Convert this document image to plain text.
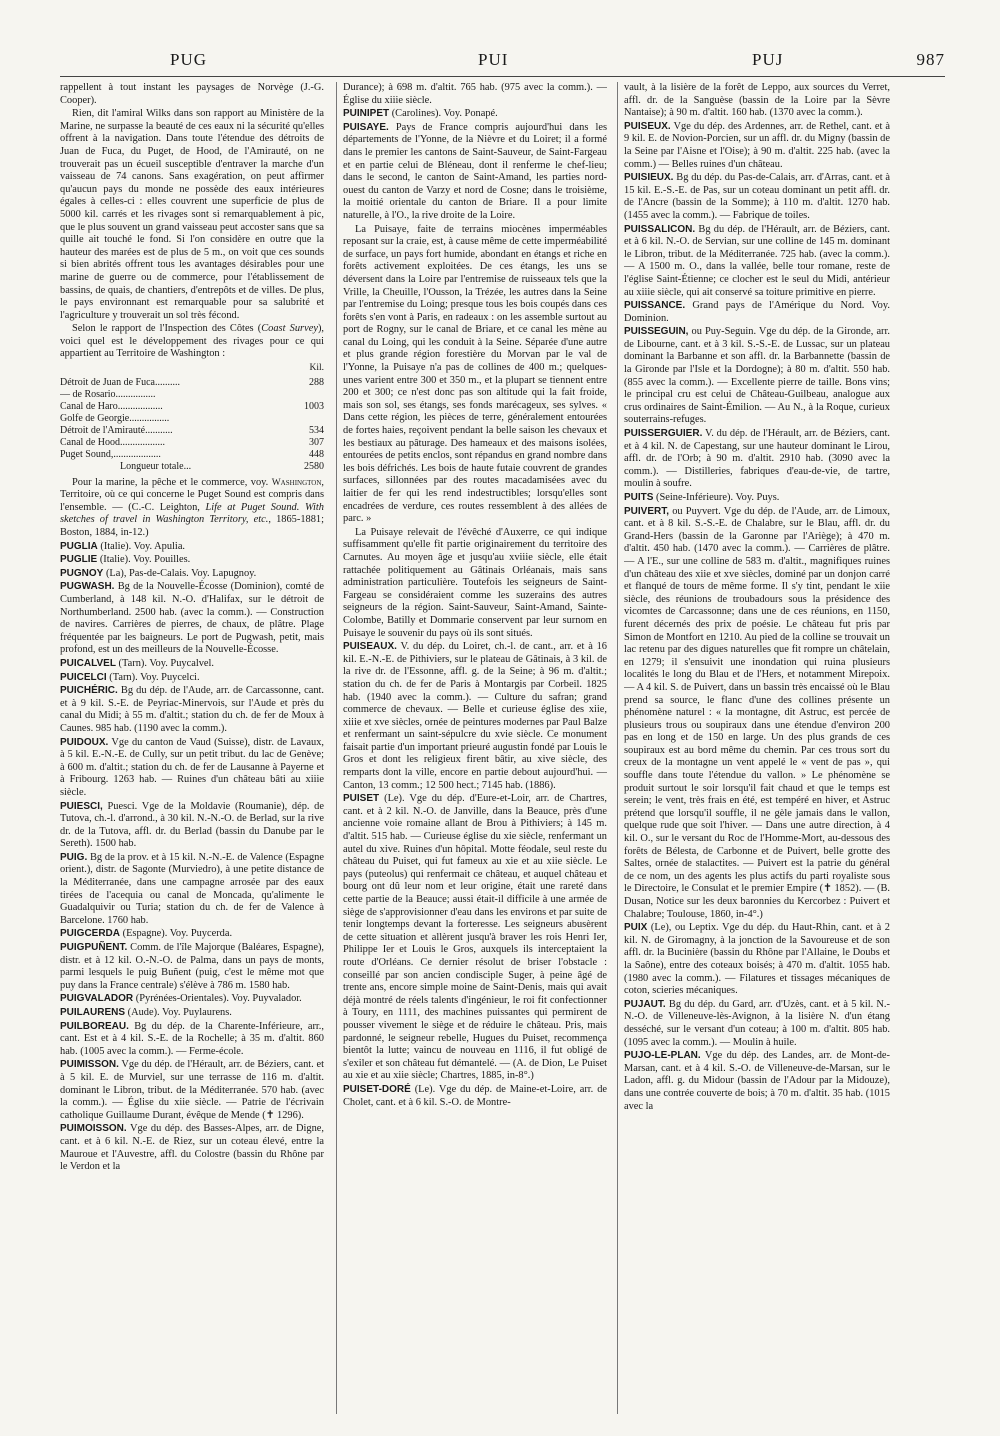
PUG	PUI	PUJ	987

rappellent à tout instant les paysages de Norvège (J.-G. Cooper).

Rien, dit l'amiral Wilks dans son rapport au Ministère de la Marine, ne surpasse la beauté de ces eaux ni la sécurité qu'elles offrent à la navigation. Dans toute l'étendue des détroits de Juan de Fuca, du Puget, de Hood, de l'Amirauté, on ne trouverait pas un écueil susceptible d'entraver la marche d'un vaisseau de 74 canons. Sans exagération, on peut affirmer qu'aucun pays du monde ne possède des eaux intérieures égales à celles-ci : elles couvrent une superficie de plus de 5000 kil. carrés et les rivages sont si remarquablement à pic, que le plus souvent un grand vaisseau peut accoster sans que sa quille ait touché le fond. Si l'on considère en outre que la hauteur des marées est de plus de 5 m., on voit que ces sounds si bien abrités offrent tous les avantages désirables pour une marine de guerre ou de commerce, pour l'établissement de bassins, de quais, de chantiers, d'entrepôts et de villes. De plus, le pays environnant est remarquable pour sa salubrité et l'agriculture y trouverait un sol très fécond.

Selon le rapport de l'Inspection des Côtes (Coast Survey), voici quel est le développement des rivages pour ce qui appartient au Territoire de Washington :

Kil.
Détroit de Juan de Fuca..........	288
— de Rosario................	
Canal de Haro..................	1003
Golfe de Georgie................	
Détroit de l'Amirauté...........	534
Canal de Hood..................	307
Puget Sound,...................	448
Longueur totale...	2580

Pour la marine, la pêche et le commerce, voy. Washington, Territoire, où ce qui concerne le Puget Sound est compris dans l'ensemble. — (C.-C. Leighton, Life at Puget Sound. With sketches of travel in Washington Territory, etc., 1865-1881; Boston, 1884, in-12.)

PUGLIA (Italie). Voy. Apulia.

PUGLIE (Italie). Voy. Pouilles.

PUGNOY (La), Pas-de-Calais. Voy. Lapugnoy.

PUGWASH. Bg de la Nouvelle-Écosse (Dominion), comté de Cumberland, à 148 kil. N.-O. d'Halifax, sur le détroit de Northumberland. 2500 hab. (avec la comm.). — Construction de navires. Carrières de pierres, de chaux, de plâtre. Plage fréquentée par les baigneurs. Le port de Pugwash, petit, mais profond, est un des meilleurs de la Nouvelle-Écosse.

PUICALVEL (Tarn). Voy. Puycalvel.

PUICELCI (Tarn). Voy. Puycelci.

PUICHÉRIC. Bg du dép. de l'Aude, arr. de Carcassonne, cant. et à 9 kil. S.-E. de Peyriac-Minervois, sur l'Aude et près du canal du Midi; à 55 m. d'altit.; station du ch. de fer de Moux à Caunes. 985 hab. (1190 avec la comm.).

PUIDOUX. Vge du canton de Vaud (Suisse), distr. de Lavaux, à 5 kil. E.-N.-E. de Cully, sur un petit tribut. du lac de Genève; à 600 m. d'altit.; station du ch. de fer de Lausanne à Payerne et à Fribourg. 1263 hab. — Ruines d'un château bâti au xiiie siècle.

PUIESCI, Puesci. Vge de la Moldavie (Roumanie), dép. de Tutova, ch.-l. d'arrond., à 30 kil. N.-N.-O. de Berlad, sur la rive dr. de la Tutova, affl. dr. du Berlad (bassin du Danube par le Sereth). 1500 hab.

PUIG. Bg de la prov. et à 15 kil. N.-N.-E. de Valence (Espagne orient.), distr. de Sagonte (Murviedro), à une petite distance de la Méditerranée, dans une campagne arrosée par des eaux tirées de l'acequia ou canal de Moncada, qu'alimente le Guadalquivir ou Turia; station du ch. de fer de Valence à Barcelone. 1760 hab.

PUIGCERDA (Espagne). Voy. Puycerda.

PUIGPUÑENT. Comm. de l'île Majorque (Baléares, Espagne), distr. et à 12 kil. O.-N.-O. de Palma, dans un pays de monts, parmi lesquels le puig Buñent (puig, c'est le même mot que puy dans la France centrale) s'élève à 786 m. 1580 hab.

PUIGVALADOR (Pyrénées-Orientales). Voy. Puyvalador.

PUILAURENS (Aude). Voy. Puylaurens.

PUILBOREAU. Bg du dép. de la Charente-Inférieure, arr., cant. Est et à 4 kil. S.-E. de la Rochelle; à 35 m. d'altit. 860 hab. (1005 avec la comm.). — Ferme-école.

PUIMISSON. Vge du dép. de l'Hérault, arr. de Béziers, cant. et à 5 kil. E. de Murviel, sur une terrasse de 116 m. d'altit. dominant le Libron, tribut. de la Méditerranée. 570 hab. (avec la comm.). — Église du xiie siècle. — Patrie de l'écrivain catholique Guillaume Durant, évêque de Mende (✝ 1296).

PUIMOISSON. Vge du dép. des Basses-Alpes, arr. de Digne, cant. et à 6 kil. N.-E. de Riez, sur un coteau élevé, entre la Mauroue et l'Auvestre, affl. du Colostre (bassin du Rhône par le Verdon et la

Durance); à 698 m. d'altit. 765 hab. (975 avec la comm.). — Église du xiiie siècle.

PUINIPET (Carolines). Voy. Ponapé.

PUISAYE. Pays de France compris aujourd'hui dans les départements de l'Yonne, de la Nièvre et du Loiret; il a formé dans le premier les cantons de Saint-Sauveur, de Saint-Fargeau et en partie celui de Bléneau, dont il renferme le chef-lieu; dans le second, le canton de Saint-Amand, les parties nord-ouest du canton de Varzy et nord de Cosne; dans le troisième, la moitié orientale du canton de Briare. Il a pour limite naturelle, à l'O., la rive droite de la Loire.

La Puisaye, faite de terrains miocènes imperméables reposant sur la craie, est, à cause même de cette imperméabilité de surface, un pays fort humide, abondant en étangs et riche en forêts activement exploitées. De ces étangs, les uns se déversent dans la Loire par l'entremise de ruisseaux tels que la Vrille, la Cheuille, l'Ousson, la Trézée, les autres dans la Seine par l'entremise du Loing; presque tous les bois coupés dans ces forêts s'en vont à Paris, en radeaux : on les assemble surtout au port de Rogny, sur le canal de Briare, et ce canal les mène au canal du Loing, qui les conduit à la Seine. Séparée d'une autre et plus grande région forestière du Morvan par le val de l'Yonne, la Puisaye n'a pas de collines de 400 m.; quelques-unes varient entre 300 et 350 m., et la plupart se tiennent entre 200 et 300; ce n'est donc pas son altitude qui la fait froide, mais son sol, ses étangs, ses fonds marécageux, ses sylves. « Dans cette région, les pièces de terre, généralement entourées de fortes haies, reçoivent pendant la belle saison les chevaux et les bestiaux au pâturage. Des hameaux et des maisons isolées, entourées de petits enclos, sont répandus en grand nombre dans les bois défrichés. Les bois de haute futaie couvrent de grandes surfaces, sillonnées par des routes macadamisées avec du laitier de fer qui les rend indestructibles; lorsqu'elles sont encadrées de verdure, ces routes ressemblent à des allées de parc. »

La Puisaye relevait de l'évêché d'Auxerre, ce qui indique suffisamment qu'elle fit partie originairement du territoire des Carnutes. Au moyen âge et jusqu'au xviiie siècle, elle était rattachée politiquement au Gâtinais Orléanais, mais sans administration particulière. Toutefois les seigneurs de Saint-Fargeau se considéraient comme les suzerains des autres seigneurs de la région. Saint-Sauveur, Saint-Amand, Sainte-Colombe, Batilly et Dommarie conservent par leur surnom en Puisaye le souvenir du pays où ils sont situés.

PUISEAUX. V. du dép. du Loiret, ch.-l. de cant., arr. et à 16 kil. E.-N.-E. de Pithiviers, sur le plateau de Gâtinais, à 3 kil. de la rive dr. de l'Essonne, affl. g. de la Seine; à 96 m. d'altit.; station du ch. de fer de Paris à Montargis par Corbeil. 1825 hab. (1940 avec la comm.). — Culture du safran; grand commerce de chevaux. — Belle et curieuse église des xiie, xiiie et xve siècles, ornée de peintures modernes par Paul Balze et renfermant un saint-sépulcre du xvie siècle. Ce monument faisait partie d'un important prieuré augustin fondé par Louis le Gros et dont les religieux firent bâtir, au xive siècle, des remparts dont la ville, encore en partie debout aujourd'hui. — Canton, 13 comm.; 12 500 hect.; 7145 hab. (1886).

PUISET (Le). Vge du dép. d'Eure-et-Loir, arr. de Chartres, cant. et à 2 kil. N.-O. de Janville, dans la Beauce, près d'une ancienne voie romaine allant de Brou à Pithiviers; à 145 m. d'altit. 515 hab. — Curieuse église du xie siècle, renfermant un autel du xive. Ruines d'un hôpital. Motte féodale, seul reste du château du Puiset, qui fut fameux au xie et au xiie siècle. Le pays (puteolus) qui renfermait ce château, et auquel château et bourg ont dû leur nom et leur origine, était une rareté dans cette partie de la Beauce; aussi était-il difficile à une armée de siège de s'approvisionner d'eau dans les environs et par suite de tenir longtemps devant la forteresse. Les seigneurs abusèrent de cette situation et allèrent jusqu'à braver les rois Henri Ier, Philippe Ier et Louis le Gros, auxquels ils interceptaient la route d'Orléans. Ce dernier résolut de briser l'obstacle : conseillé par son ancien condisciple Suger, à peine âgé de trente ans, encore simple moine de Saint-Denis, mais qui avait déjà montré de réels talents d'ingénieur, le roi fit confectionner à Toury, en 1111, des machines puissantes qui permirent de pousser vivement le siège et de réduire le château. Pris, mais pardonné, le seigneur rebelle, Hugues du Puiset, recommença bientôt la lutte; vaincu de nouveau en 1116, il fut obligé de s'exiler et son château fut démantelé. — (A. de Dion, Le Puiset au xie et au xiie siècle; Chartres, 1885, in-8°.)

PUISET-DORÉ (Le). Vge du dép. de Maine-et-Loire, arr. de Cholet, cant. et à 6 kil. S.-O. de Montre-

vault, à la lisière de la forêt de Leppo, aux sources du Verret, affl. dr. de la Sanguèse (bassin de la Loire par la Sèvre Nantaise); à 90 m. d'altit. 160 hab. (1370 avec la comm.).

PUISEUX. Vge du dép. des Ardennes, arr. de Rethel, cant. et à 9 kil. E. de Novion-Porcien, sur un affl. dr. du Migny (bassin de la Seine par l'Aisne et l'Oise); à 90 m. d'altit. 225 hab. (avec la comm.) — Belles ruines d'un château.

PUISIEUX. Bg du dép. du Pas-de-Calais, arr. d'Arras, cant. et à 15 kil. E.-S.-E. de Pas, sur un coteau dominant un petit affl. dr. de l'Ancre (bassin de la Somme); à 110 m. d'altit. 1270 hab. (1455 avec la comm.). — Fabrique de toiles.

PUISSALICON. Bg du dép. de l'Hérault, arr. de Béziers, cant. et à 6 kil. N.-O. de Servian, sur une colline de 145 m. dominant le Libron, tribut. de la Méditerranée. 725 hab. (avec la comm.). — A 1500 m. O., dans la vallée, belle tour romane, reste de l'église Saint-Étienne; ce clocher est le seul du Midi, antérieur au xiiie siècle, qui ait conservé sa toiture primitive en pierre.

PUISSANCE. Grand pays de l'Amérique du Nord. Voy. Dominion.

PUISSEGUIN, ou Puy-Seguin. Vge du dép. de la Gironde, arr. de Libourne, cant. et à 3 kil. S.-S.-E. de Lussac, sur un plateau dominant la Barbanne et son affl. dr. la Barbannette (bassin de la Gironde par l'Isle et la Dordogne); à 80 m. d'altit. 550 hab. (855 avec la comm.). — Excellente pierre de taille. Bons vins; le principal cru est celui de Château-Guilbeau, analogue aux crus ordinaires de Saint-Émilion. — Au N., à la Roque, curieux souterrains-refuges.

PUISSERGUIER. V. du dép. de l'Hérault, arr. de Béziers, cant. et à 4 kil. N. de Capestang, sur une hauteur dominant le Lirou, affl. dr. de l'Orb; à 90 m. d'altit. 2910 hab. (3090 avec la comm.). — Distilleries, fabriques d'eau-de-vie, de tartre, moulin à soufre.

PUITS (Seine-Inférieure). Voy. Puys.

PUIVERT, ou Puyvert. Vge du dép. de l'Aude, arr. de Limoux, cant. et à 8 kil. S.-S.-E. de Chalabre, sur le Blau, affl. dr. du Grand-Hers (bassin de la Garonne par l'Ariège); à 470 m. d'altit. 450 hab. (1470 avec la comm.). — Carrières de plâtre. — A l'E., sur une colline de 583 m. d'altit., magnifiques ruines d'un château des xiie et xve siècles, dominé par un donjon carré et flanqué de tours de même forme. Il s'y tint, pendant le xiie siècle, des réunions de troubadours sous la présidence des vicomtes de Carcassonne; dans une de ces réunions, en 1150, furent décernés des prix de poésie. Le château fut pris par Simon de Montfort en 1210. Au pied de la colline se trouvait un lac retenu par des digues naturelles que fit rompre un châtelain, en 1279; il s'ensuivit une inondation qui ruina plusieurs localités le long du Blau et de l'Hers, et notamment Mirepoix. — A 4 kil. S. de Puivert, dans un bassin très encaissé où le Blau prend sa source, le flanc d'une des collines présente un phénomène naturel : « la montagne, dit Astruc, est percée de plusieurs trous ou soupiraux dans une étendue d'environ 200 pas en long et de 150 en large. Un des plus grands de ces soupiraux est au bord même du chemin. Par ces trous sort du creux de la montagne un vent appelé le « vent de pas », qui souffle dans toute l'étendue du vallon. » Le phénomène se produit surtout le soir lorsqu'il fait chaud et que le temps est serein; le vent, très frais en été, est tempéré en hiver, et Astruc prétend que lorsqu'il souffle, il ne gèle jamais dans le vallon, quelque rude que soit l'hiver. — Dans une autre direction, à 4 kil. O., sur le versant du Roc de l'Homme-Mort, au-dessous des forêts de Bélesta, de Carbonne et de Puivert, belle grotte des Saltes, ornée de stalactites. — Puivert est la patrie du général de ce nom, un des agents les plus actifs du parti royaliste sous le Directoire, le Consulat et le premier Empire (✝ 1852). — (B. Dusan, Notice sur les deux baronnies du Kercorbez : Puivert et Chalabre; Toulouse, 1860, in-4°.)

PUIX (Le), ou Leptix. Vge du dép. du Haut-Rhin, cant. et à 2 kil. N. de Giromagny, à la jonction de la Savoureuse et de son affl. dr. la Bucinière (bassin du Rhône par l'Allaine, le Doubs et la Saône), entre des coteaux boisés; à 470 m. d'altit. 1055 hab. (1980 avec la comm.). — Filatures et tissages mécaniques de coton, scieries mécaniques.

PUJAUT. Bg du dép. du Gard, arr. d'Uzès, cant. et à 5 kil. N.-N.-O. de Villeneuve-lès-Avignon, à la lisière N. d'un étang desséché, sur le versant d'un coteau; à 100 m. d'altit. 805 hab. (1095 avec la comm.). — Moulin à huile.

PUJO-LE-PLAN. Vge du dép. des Landes, arr. de Mont-de-Marsan, cant. et à 4 kil. S.-O. de Villeneuve-de-Marsan, sur le Ladon, affl. g. du Midour (bassin de l'Adour par la Midouze), dans une contrée couverte de bois; à 70 m. d'altit. 35 hab. (1015 avec la
